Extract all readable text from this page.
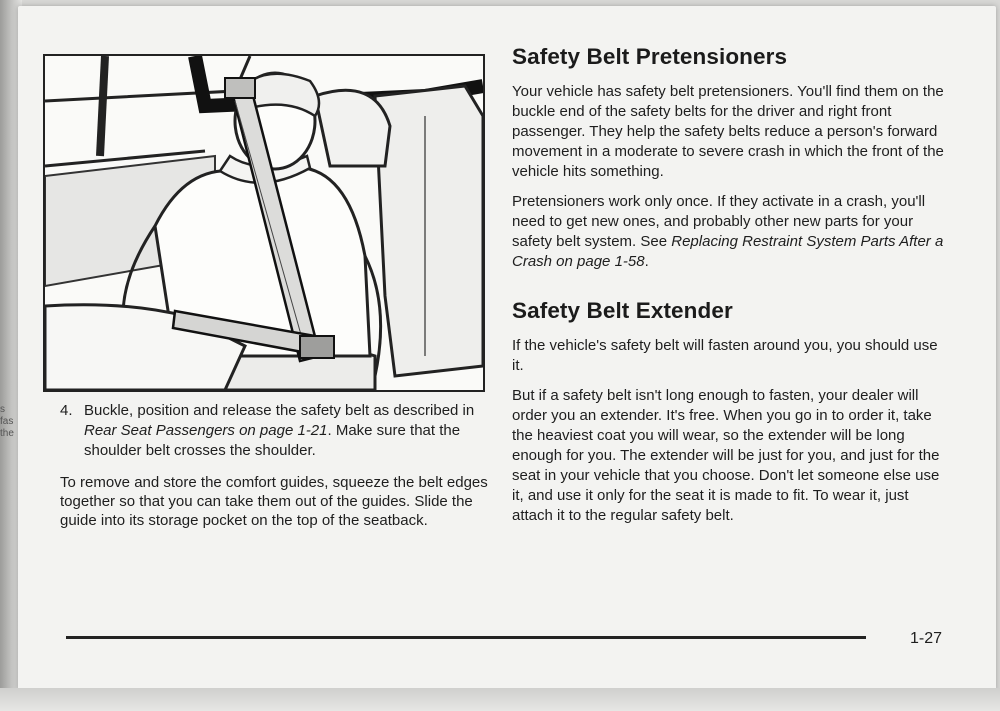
s fas
the
4. Buckle, position and release the safety belt as described in Rear Seat Passengers on page 1-21. Make sure that the shoulder belt crosses the shoulder.

To remove and store the comfort guides, squeeze the belt edges together so that you can take them out of the guides. Slide the guide into its storage pocket on the top of the seatback.

Safety Belt Pretensioners

Your vehicle has safety belt pretensioners. You'll find them on the buckle end of the safety belts for the driver and right front passenger. They help the safety belts reduce a person's forward movement in a moderate to severe crash in which the front of the vehicle hits something.

Pretensioners work only once. If they activate in a crash, you'll need to get new ones, and probably other new parts for your safety belt system. See Replacing Restraint System Parts After a Crash on page 1-58.

Safety Belt Extender

If the vehicle's safety belt will fasten around you, you should use it.

But if a safety belt isn't long enough to fasten, your dealer will order you an extender. It's free. When you go in to order it, take the heaviest coat you will wear, so the extender will be long enough for you. The extender will be just for you, and just for the seat in your vehicle that you choose. Don't let someone else use it, and use it only for the seat it is made to fit. To wear it, just attach it to the regular safety belt.

1-27
